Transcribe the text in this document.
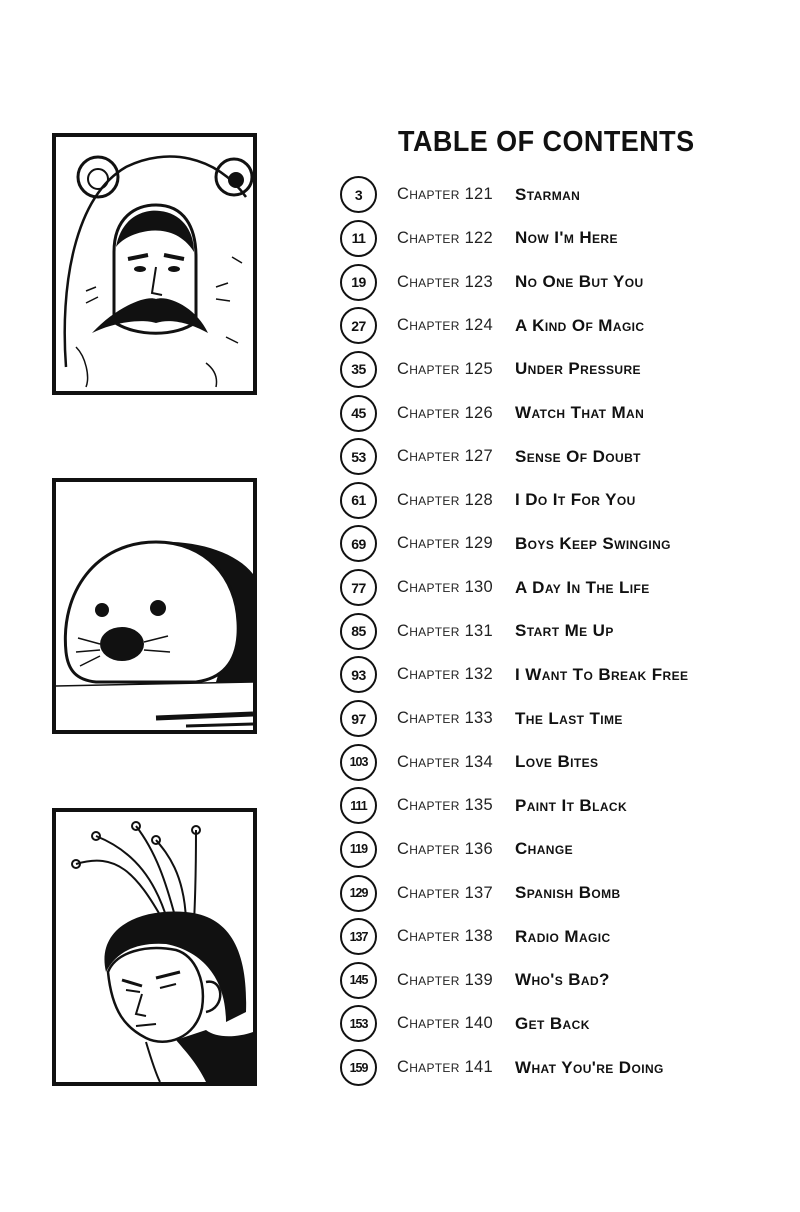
TABLE OF CONTENTS
3	Chapter 121	Starman
11	Chapter 122	Now I'm Here
19	Chapter 123	No One But You
27	Chapter 124	A Kind Of Magic
35	Chapter 125	Under Pressure
45	Chapter 126	Watch That Man
53	Chapter 127	Sense Of Doubt
61	Chapter 128	I Do It For You
69	Chapter 129	Boys Keep Swinging
77	Chapter 130	A Day In The Life
85	Chapter 131	Start Me Up
93	Chapter 132	I Want To Break Free
97	Chapter 133	The Last Time
103	Chapter 134	Love Bites
111	Chapter 135	Paint It Black
119	Chapter 136	Change
129	Chapter 137	Spanish Bomb
137	Chapter 138	Radio Magic
145	Chapter 139	Who's Bad?
153	Chapter 140	Get Back
159	Chapter 141	What You're Doing
